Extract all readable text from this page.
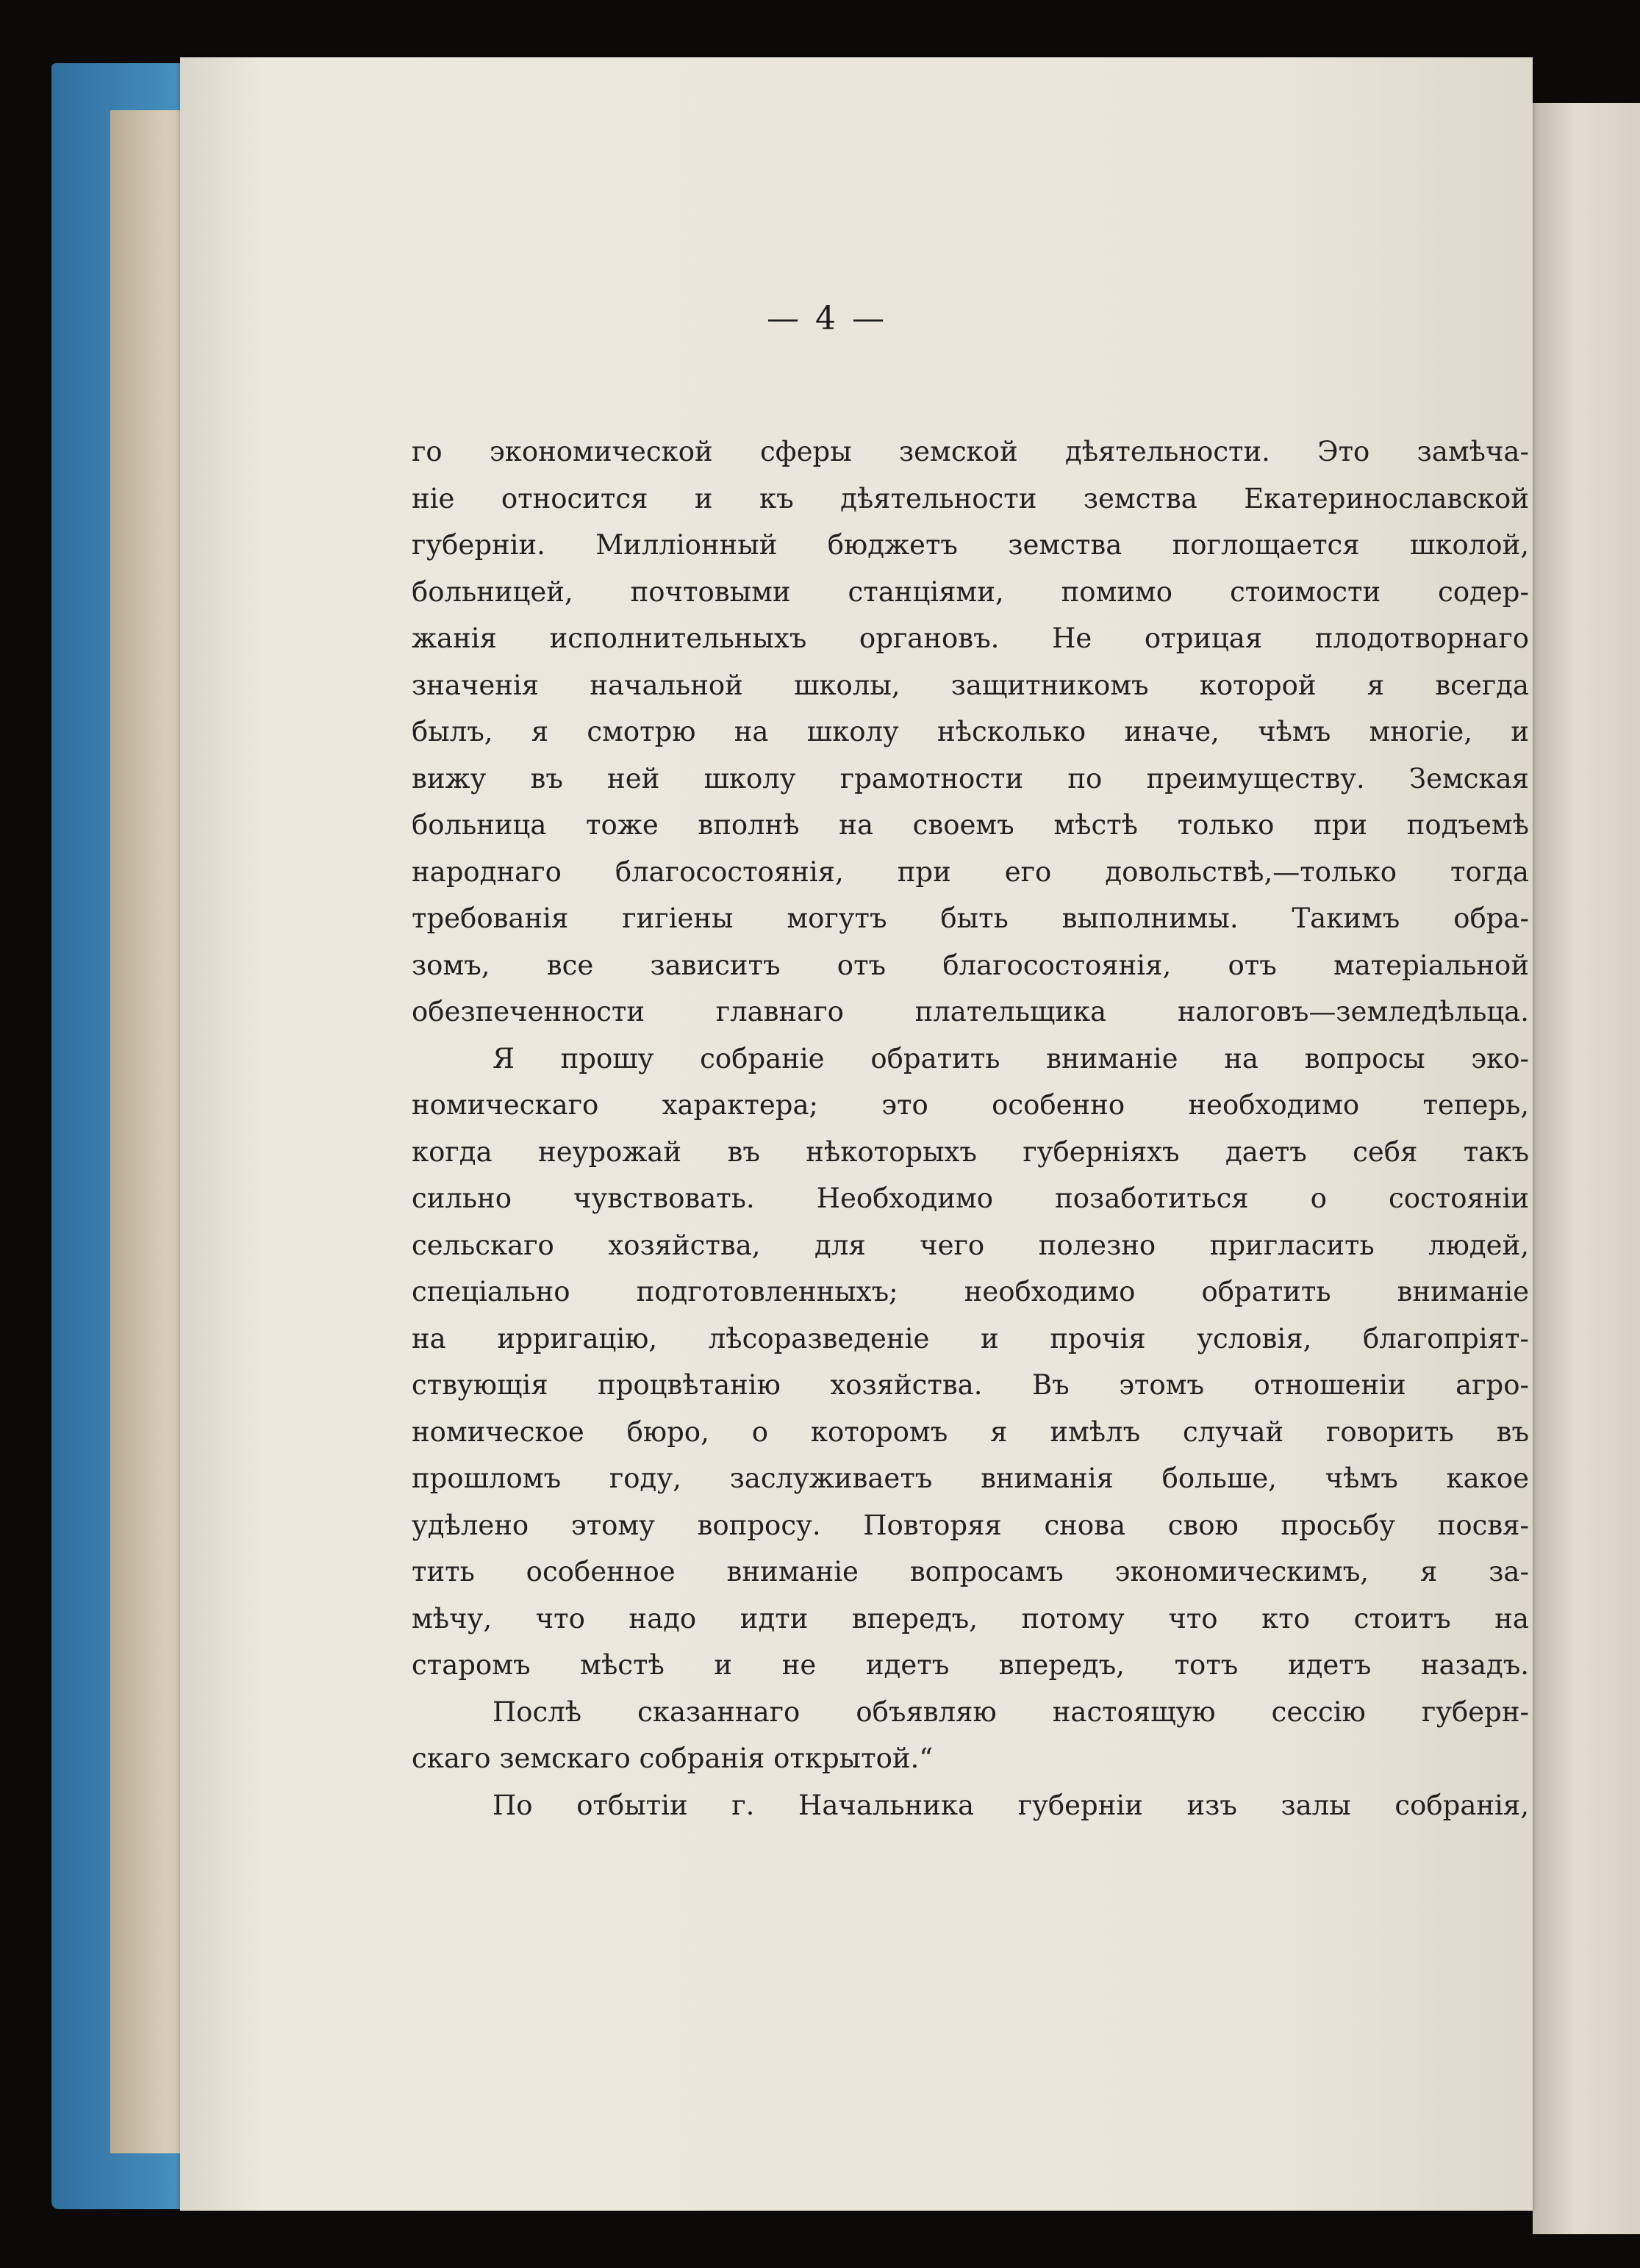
— 4 —
го экономической сферы земской дѣятельности. Это замѣча-
ніе относится и къ дѣятельности земства Екатеринославской
губерніи. Милліонный бюджетъ земства поглощается школой,
больницей, почтовыми станціями, помимо стоимости содер-
жанія исполнительныхъ органовъ. Не отрицая плодотворнаго
значенія начальной школы, защитникомъ которой я всегда
былъ, я смотрю на школу нѣсколько иначе, чѣмъ многіе, и
вижу въ ней школу грамотности по преимуществу. Земская
больница тоже вполнѣ на своемъ мѣстѣ только при подъемѣ
народнаго благосостоянія, при его довольствѣ,—только тогда
требованія гигіены могутъ быть выполнимы. Такимъ обра-
зомъ, все зависитъ отъ благосостоянія, отъ матеріальной
обезпеченности главнаго плательщика налоговъ—земледѣльца.
Я прошу собраніе обратить вниманіе на вопросы эко-
номическаго характера; это особенно необходимо теперь,
когда неурожай въ нѣкоторыхъ губерніяхъ даетъ себя такъ
сильно чувствовать. Необходимо позаботиться о состояніи
сельскаго хозяйства, для чего полезно пригласить людей,
спеціально подготовленныхъ; необходимо обратить вниманіе
на ирригацію, лѣсоразведеніе и прочія условія, благопріят-
ствующія процвѣтанію хозяйства. Въ этомъ отношеніи агро-
номическое бюро, о которомъ я имѣлъ случай говорить въ
прошломъ году, заслуживаетъ вниманія больше, чѣмъ какое
удѣлено этому вопросу. Повторяя снова свою просьбу посвя-
тить особенное вниманіе вопросамъ экономическимъ, я за-
мѣчу, что надо идти впередъ, потому что кто стоитъ на
старомъ мѣстѣ и не идетъ впередъ, тотъ идетъ назадъ.
Послѣ сказаннаго объявляю настоящую сессію губерн-
скаго земскаго собранія открытой.“
По отбытіи г. Начальника губерніи изъ залы собранія,
